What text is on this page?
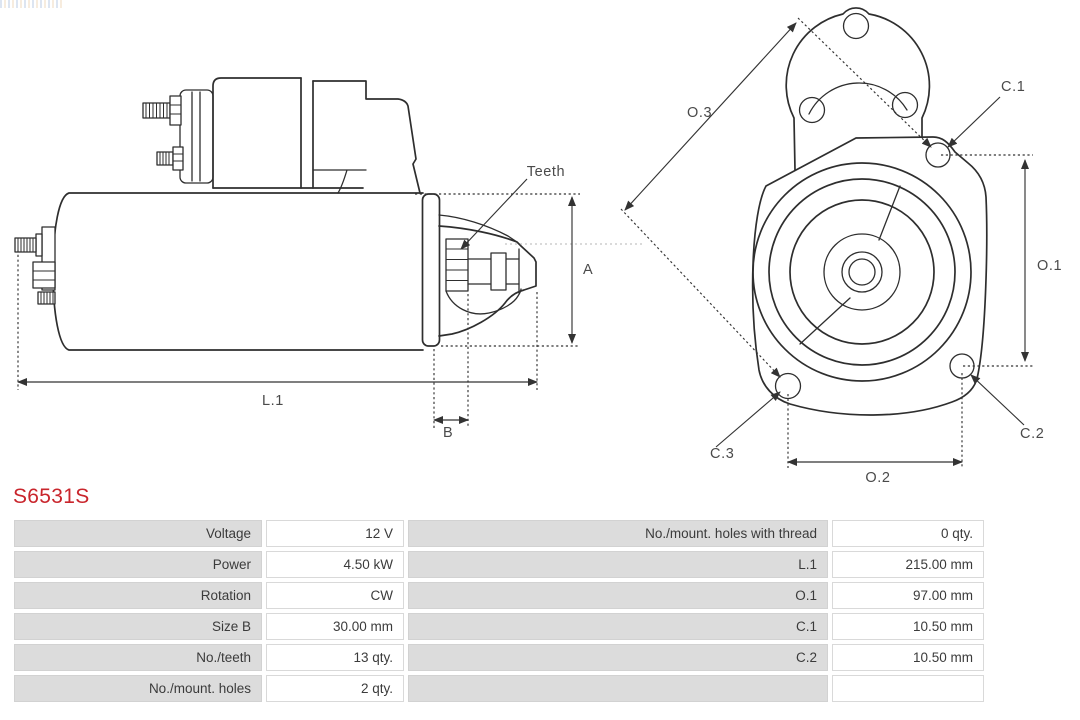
Teeth
A
B
L.1
O.3
C.1
O.1
C.2
C.3
O.2
S6531S
Voltage	12 V	No./mount. holes with thread	0 qty.
Power	4.50 kW	L.1	215.00 mm
Rotation	CW	O.1	97.00 mm
Size B	30.00 mm	C.1	10.50 mm
No./teeth	13 qty.	C.2	10.50 mm
No./mount. holes	2 qty.		
